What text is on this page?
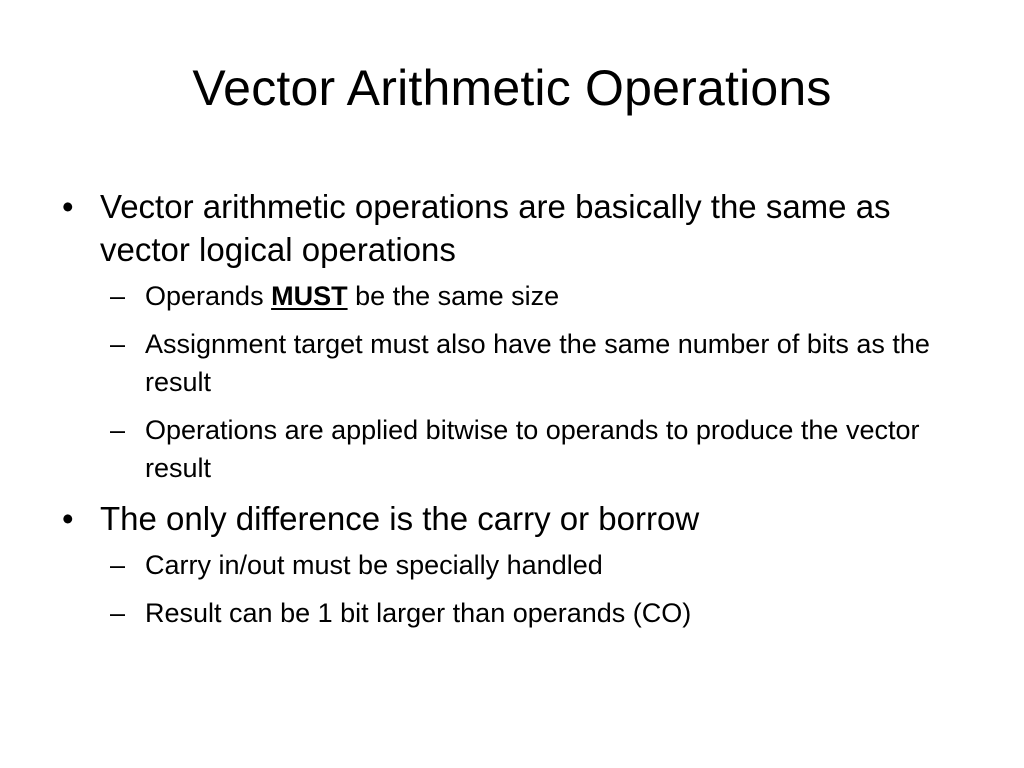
Vector Arithmetic Operations
• Vector arithmetic operations are basically the same as vector logical operations
– Operands MUST be the same size
– Assignment target must also have the same number of bits as the result
– Operations are applied bitwise to operands to produce the vector result
• The only difference is the carry or borrow
– Carry in/out must be specially handled
– Result can be 1 bit larger than operands (CO)
